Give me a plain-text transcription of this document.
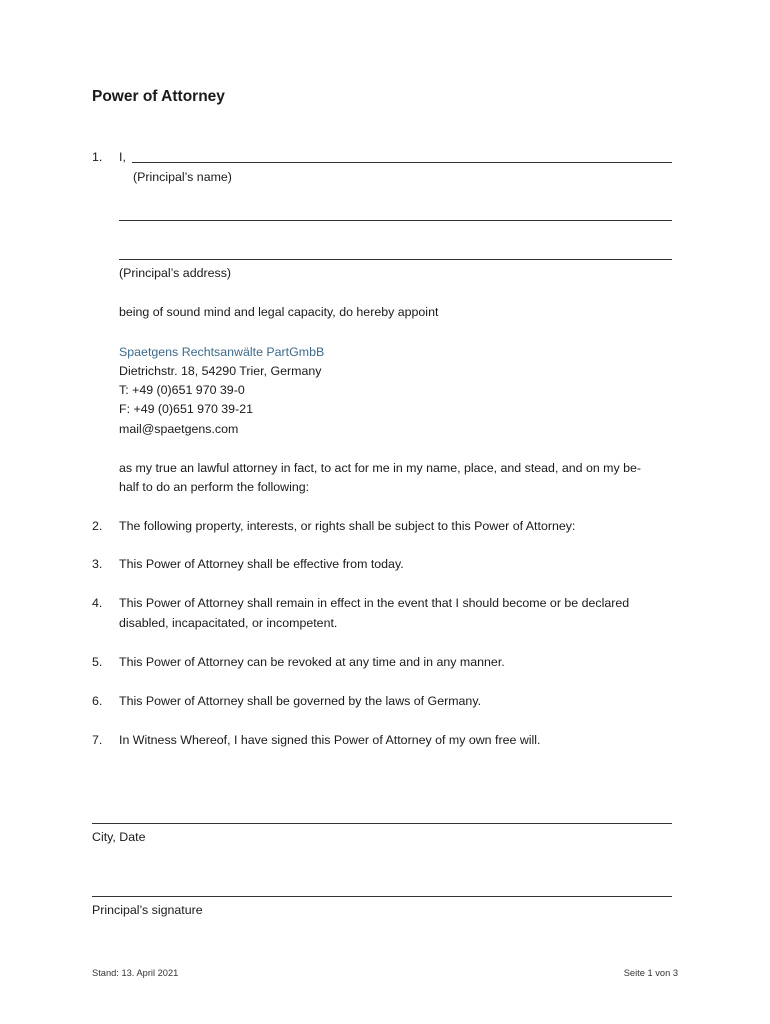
Power of Attorney
1. I,
(Principal’s name)
(Principal’s address)
being of sound mind and legal capacity, do hereby appoint
Spaetgens Rechtsanwälte PartGmbB
Dietrichstr. 18, 54290 Trier, Germany
T: +49 (0)651 970 39-0
F: +49 (0)651 970 39-21
mail@spaetgens.com
as my true an lawful attorney in fact, to act for me in my name, place, and stead, and on my be-
half to do an perform the following:
2. The following property, interests, or rights shall be subject to this Power of Attorney:
3. This Power of Attorney shall be effective from today.
4. This Power of Attorney shall remain in effect in the event that I should become or be declared
disabled, incapacitated, or incompetent.
5. This Power of Attorney can be revoked at any time and in any manner.
6. This Power of Attorney shall be governed by the laws of Germany.
7. In Witness Whereof, I have signed this Power of Attorney of my own free will.
City, Date
Principal’s signature
Stand: 13. April 2021	Seite 1 von 3
